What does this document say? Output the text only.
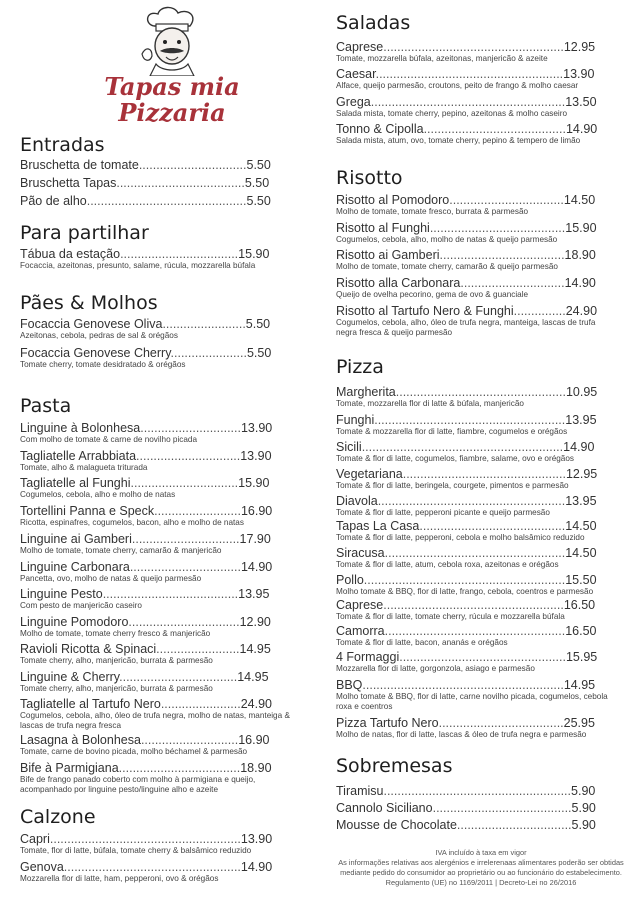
Tapas mia
Pizzaria
Entradas
Bruschetta de tomate...............................5.50
Bruschetta Tapas.....................................5.50
Pão de alho..............................................5.50
Para partilhar
Tábua da estação..................................15.90
Focaccia, azeitonas, presunto, salame, rúcula, mozzarella búfala
Pães & Molhos
Focaccia Genovese Oliva........................5.50
Azeitonas, cebola, pedras de sal & orégãos
Focaccia Genovese Cherry......................5.50
Tomate cherry, tomate desidratado & orégãos
Pasta
Linguine à Bolonhesa.............................13.90
Com molho de tomate & carne de novilho picada
Tagliatelle Arrabbiata..............................13.90
Tomate, alho & malagueta triturada
Tagliatelle al Funghi...............................15.90
Cogumelos, cebola, alho e molho de natas
Tortellini Panna e Speck.........................16.90
Ricotta, espinafres, cogumelos, bacon, alho e molho de natas
Linguine ai Gamberi...............................17.90
Molho de tomate, tomate cherry, camarão & manjericão
Linguine Carbonara................................14.90
Pancetta, ovo, molho de natas & queijo parmesão
Linguine Pesto.......................................13.95
Com pesto de manjericão caseiro
Linguine Pomodoro................................12.90
Molho de tomate, tomate cherry fresco & manjericão
Ravioli Ricotta & Spinaci........................14.95
Tomate cherry, alho, manjericão, burrata & parmesão
Linguine & Cherry..................................14.95
Tomate cherry, alho, manjericão, burrata & parmesão
Tagliatelle al Tartufo Nero.......................24.90
Cogumelos, cebola, alho, óleo de trufa negra, molho de natas, manteiga & lascas de trufa negra fresca
Lasagna à Bolonhesa............................16.90
Tomate, carne de bovino picada, molho béchamel & parmesão
Bife à Parmigiana...................................18.90
Bife de frango panado coberto com molho à parmigiana e queijo, acompanhado por linguine pesto/linguine alho e azeite
Calzone
Capri.......................................................13.90
Tomate, flor di latte, búfala, tomate cherry & balsâmico reduzido
Genova...................................................14.90
Mozzarella flor di latte, ham, pepperoni, ovo & orégãos
Saladas
Caprese....................................................12.95
Tomate, mozzarella búfala, azeitonas, manjericão & azeite
Caesar......................................................13.90
Alface, queijo parmesão, croutons, peito de frango & molho caesar
Grega........................................................13.50
Salada mista, tomate cherry, pepino, azeitonas & molho caseiro
Tonno & Cipolla.........................................14.90
Salada mista, atum, ovo, tomate cherry, pepino & tempero de limão
Risotto
Risotto al Pomodoro.................................14.50
Molho de tomate, tomate fresco, burrata & parmesão
Risotto al Funghi.......................................15.90
Cogumelos, cebola, alho, molho de natas & queijo parmesão
Risotto ai Gamberi....................................18.90
Molho de tomate, tomate cherry, camarão & queijo parmesão
Risotto alla Carbonara..............................14.90
Queijo de ovelha pecorino, gema de ovo & guanciale
Risotto al Tartufo Nero & Funghi...............24.90
Cogumelos, cebola, alho, óleo de trufa negra, manteiga, lascas de trufa negra fresca & queijo parmesão
Pizza
Margherita.................................................10.95
Tomate, mozzarella flor di latte & búfala, manjericão
Funghi.......................................................13.95
Tomate & mozzarella flor di latte, fiambre, cogumelos e orégãos
Sicili..........................................................14.90
Tomate & flor di latte, cogumelos, fiambre, salame, ovo e orégãos
Vegetariana...............................................12.95
Tomate & flor di latte, beringela, courgete, pimentos e parmesão
Diavola......................................................13.95
Tomate & flor di latte, pepperoni picante e queijo parmesão
Tapas La Casa..........................................14.50
Tomate & flor di latte, pepperoni, cebola e molho balsâmico reduzido
Siracusa....................................................14.50
Tomate & flor di latte, atum, cebola roxa, azeitonas e orégãos
Pollo..........................................................15.50
Molho tomate & BBQ, flor di latte, frango, cebola, coentros e parmesão
Caprese....................................................16.50
Tomate & flor di latte, tomate cherry, rúcula e mozzarella búfala
Camorra....................................................16.50
Tomate & flor di latte, bacon, ananás e orégãos
4 Formaggi................................................15.95
Mozzarella flor di latte, gorgonzola, asiago e parmesão
BBQ..........................................................14.95
Molho tomate & BBQ, flor di latte, carne novilho picada, cogumelos, cebola roxa e coentros
Pizza Tartufo Nero....................................25.95
Molho de natas, flor di latte, lascas & óleo de trufa negra e parmesão
Sobremesas
Tiramisu......................................................5.90
Cannolo Siciliano........................................5.90
Mousse de Chocolate.................................5.90
IVA incluído à taxa em vigor
As informações relativas aos alergénios e irrelerenaas alimentares poderão ser obtidas mediante pedido do consumidor ao proprietário ou ao funcionário do estabelecimento. Regulamento (UE) no 1169/2011 | Decreto-Lei no 26/2016
